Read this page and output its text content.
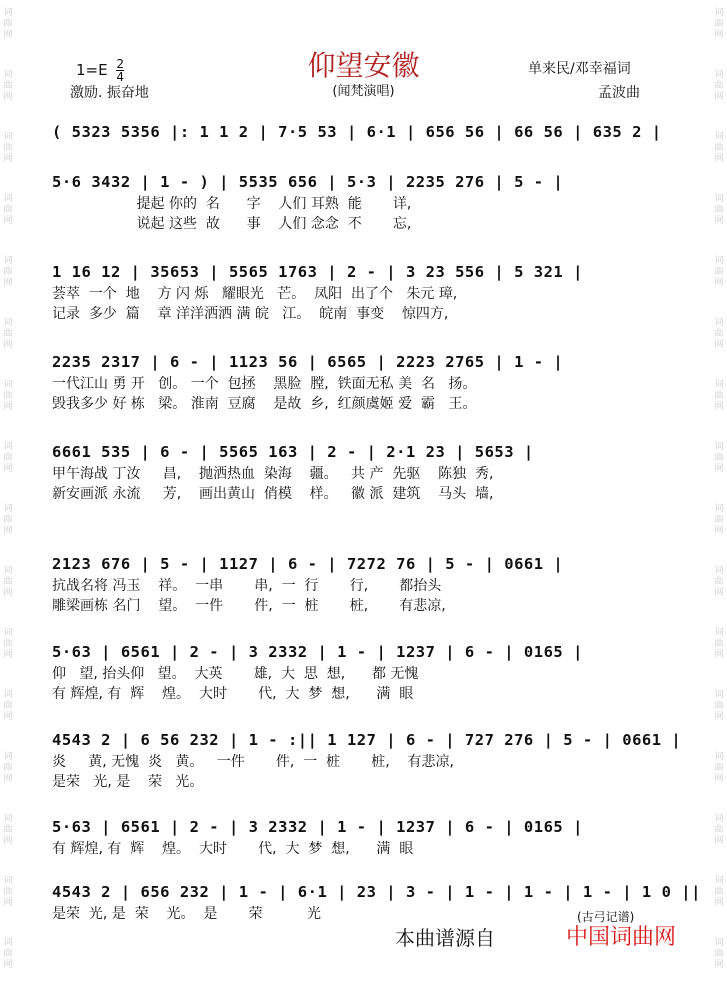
词
曲
网
词
曲
网
词
曲
网
词
曲
网
词
曲
网
词
曲
网
词
曲
网
词
曲
网
词
曲
网
词
曲
网
词
曲
网
词
曲
网
词
曲
网
词
曲
网
词
曲
网
词
曲
网
词
曲
网
词
曲
网
词
曲
网
词
曲
网
词
曲
网
词
曲
网
词
曲
网
词
曲
网
词
曲
网
词
曲
网
词
曲
网
词
曲
网
词
曲
网
词
曲
网
词
曲
网
词
曲
网
$1=E \frac{2}{4}$	仰望安徽
(闻梵演唱)
激励. 振奋地
单来民/邓幸福词
孟波曲
( 5323 5356 |: 1 1 2 | 7·5 53 | 6·1 | 656 56 | 66 56 | 635 2 |
5·6 3432 | 1 - ) | 5535 656 | 5·3 | 2235 276 | 5 - |
提起 你的  名      字    人们 耳熟  能       详,
说起 这些  故      事    人们 念念  不       忘,
1 16 12 | 35653 | 5565 1763 | 2 - | 3 23 556 | 5 321 |
荟萃  一个  地    方 闪 烁   耀眼光   芒。  凤阳  出了个   朱元 璋,
记录  多少  篇    章 洋洋洒洒 满 皖   江。  皖南  事变    惊四方,
2235 2317 | 6 - | 1123 56 | 6565 | 2223 2765 | 1 - |
一代江山 勇 开   创。 一个  包拯    黑脸  膛,  铁面无私 美  名   扬。
毁我多少 好 栋   梁。 淮南  豆腐    是故  乡,  红颜虞姬 爱  霸   王。
6661 535 | 6 - | 5565 163 | 2 - | 2·1 23 | 5653 |
甲午海战 丁汝     昌,    抛洒热血  染海    疆。   共 产  先驱    陈独  秀,
新安画派 永流     芳,    画出黄山  俏模    样。   徽 派  建筑    马头  墙,
2123 676 | 5 - | 1127 | 6 - | 7272 76 | 5 - | 0661 |
抗战名将 冯玉    祥。  一串       串,  一  行       行,       都抬头
雕梁画栋 名门    望。  一件       件,  一  桩       桩,       有悲凉,
5·63 | 6561 | 2 - | 3 2332 | 1 - | 1237 | 6 - | 0165 |
仰   望, 抬头仰   望。  大英       雄,  大  思  想,      都 无愧
有 辉煌, 有  辉    煌。  大时       代,  大  梦  想,      满  眼
4543 2 | 6 56 232 | 1 - :|| 1 127 | 6 - | 727 276 | 5 - | 0661 |
炎     黄, 无愧  炎   黄。   一件       件,  一  桩       桩,    有悲凉,
是荣   光, 是    荣   光。
5·63 | 6561 | 2 - | 3 2332 | 1 - | 1237 | 6 - | 0165 |
有 辉煌, 有  辉    煌。  大时       代,  大  梦  想,      满  眼
4543 2 | 656 232 | 1 - | 6·1 | 23 | 3 - | 1 - | 1 - | 1 - | 1 0 ||
是荣  光, 是  荣    光。  是       荣          光	(古弓记谱)
本曲谱源自	中国词曲网
